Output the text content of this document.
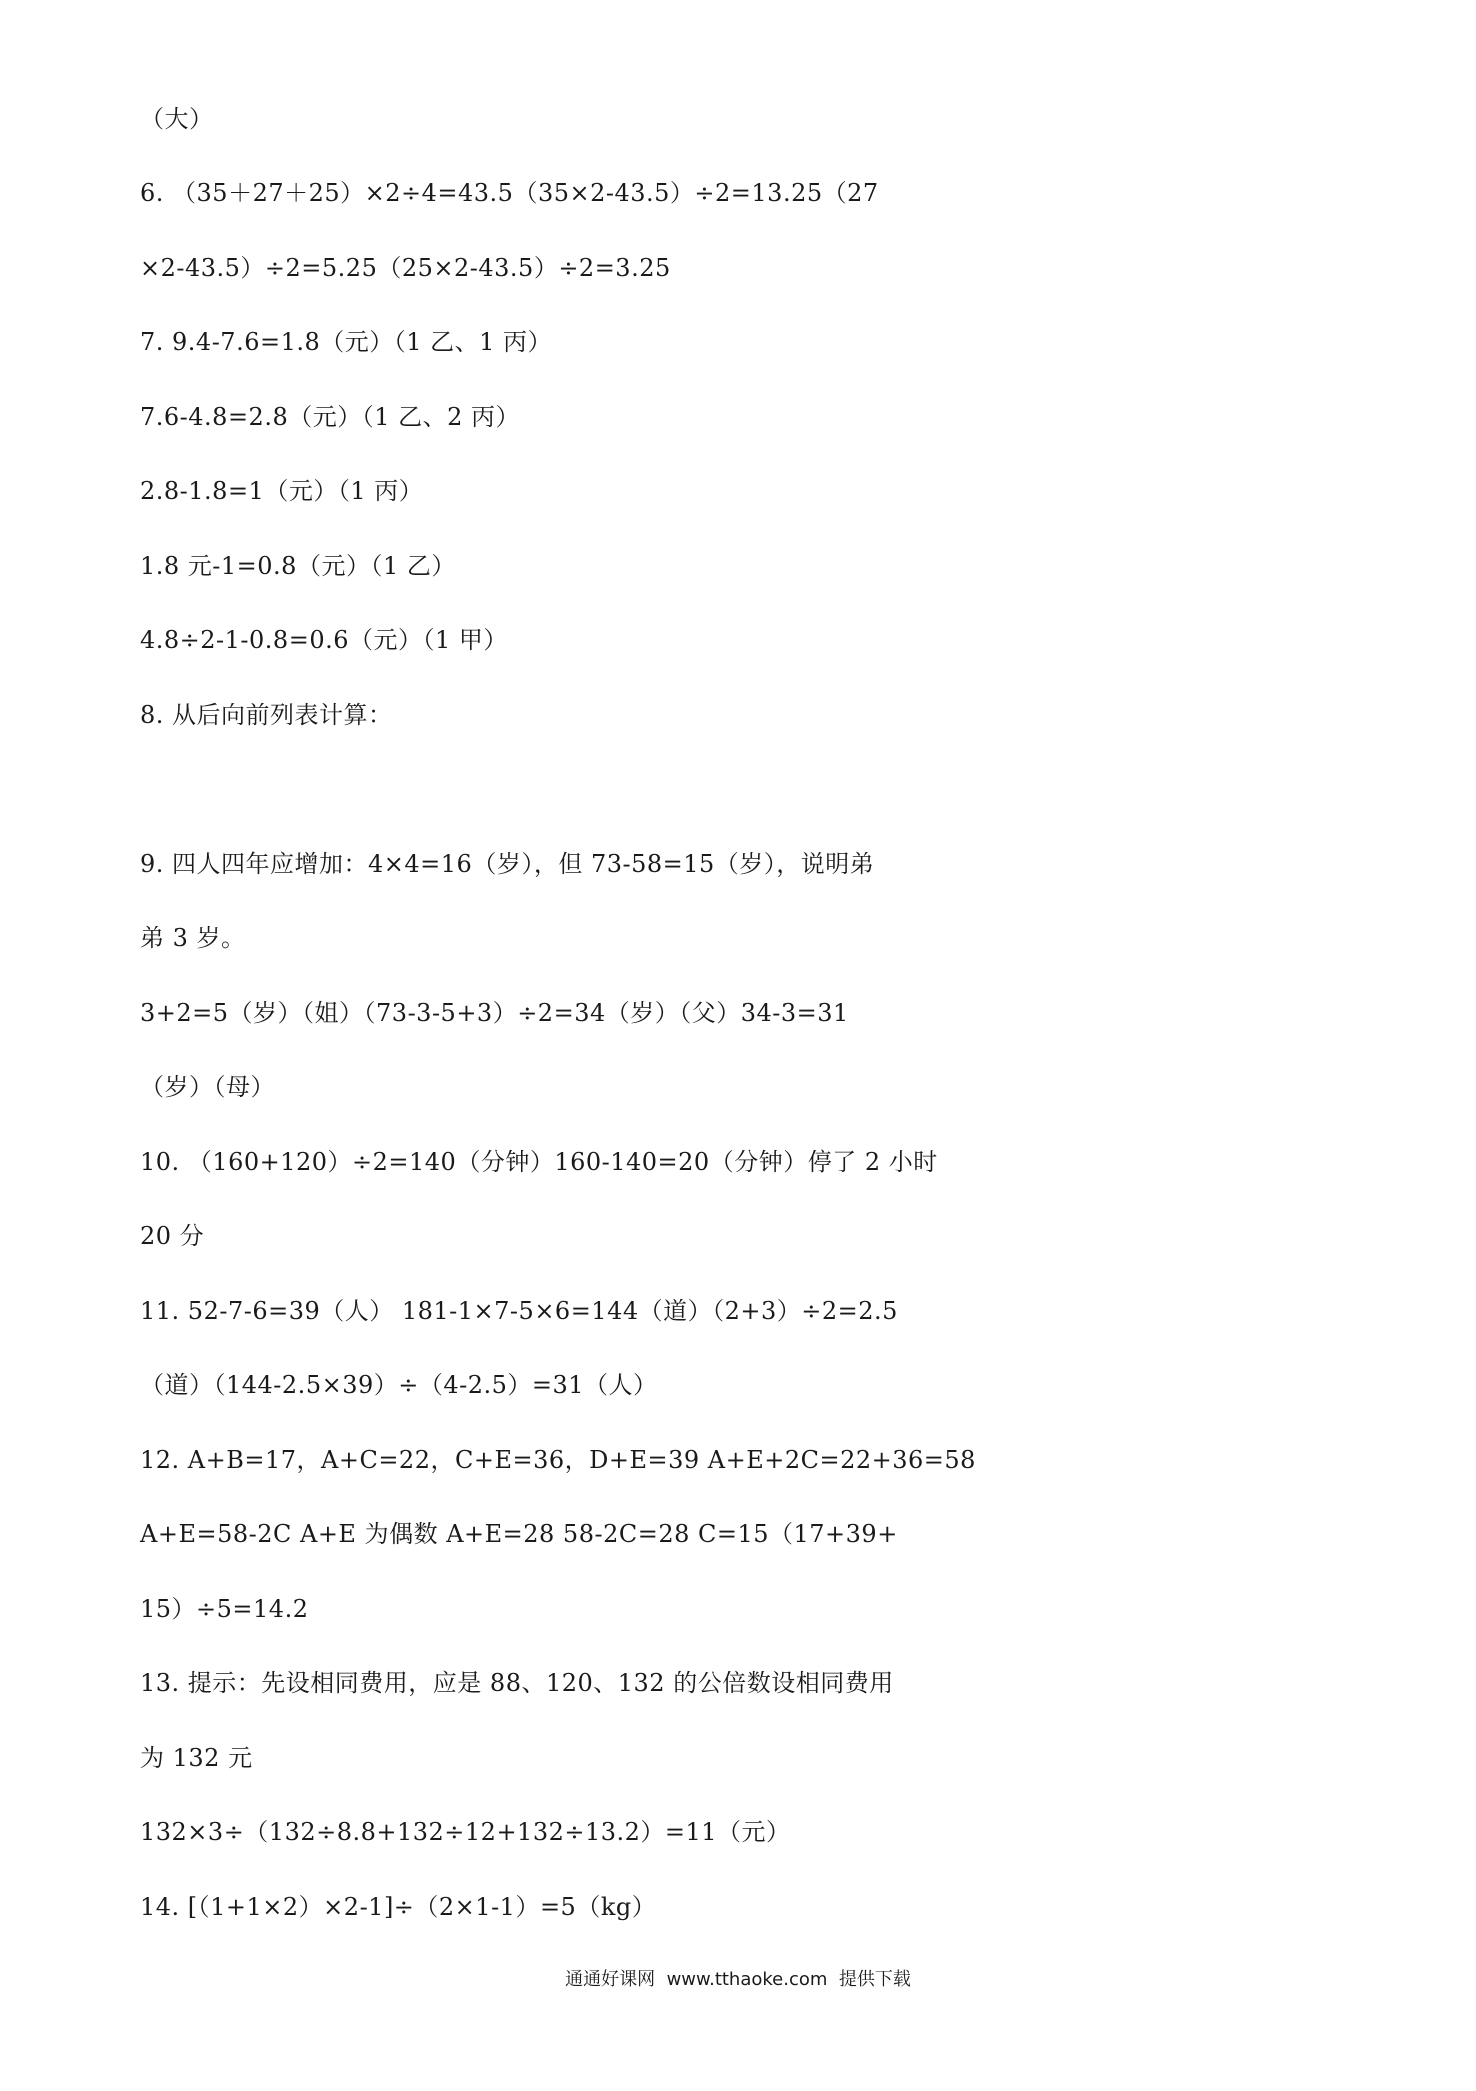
（大）
6. （35＋27＋25）×2÷4=43.5（35×2-43.5）÷2=13.25（27
×2-43.5）÷2=5.25（25×2-43.5）÷2=3.25
7. 9.4-7.6=1.8（元）（1 乙、1 丙）
7.6-4.8=2.8（元）（1 乙、2 丙）
2.8-1.8=1（元）（1 丙）
1.8 元-1=0.8（元）（1 乙）
4.8÷2-1-0.8=0.6（元）（1 甲）
8. 从后向前列表计算：
9. 四人四年应增加：4×4=16（岁），但 73-58=15（岁），说明弟
弟 3 岁。
3+2=5（岁）（姐）（73-3-5+3）÷2=34（岁）（父）34-3=31
（岁）（母）
10. （160+120）÷2=140（分钟）160-140=20（分钟）停了 2 小时
20 分
11. 52-7-6=39（人） 181-1×7-5×6=144（道）（2+3）÷2=2.5
（道）（144-2.5×39）÷（4-2.5）=31（人）
12. A+B=17，A+C=22，C+E=36，D+E=39 A+E+2C=22+36=58
A+E=58-2C A+E 为偶数 A+E=28 58-2C=28 C=15（17+39+
15）÷5=14.2
13. 提示：先设相同费用，应是 88、120、132 的公倍数设相同费用
为 132 元
132×3÷（132÷8.8+132÷12+132÷13.2）=11（元）
14. [（1+1×2）×2-1]÷（2×1-1）=5（kg）
通通好课网  www.tthaoke.com  提供下载
